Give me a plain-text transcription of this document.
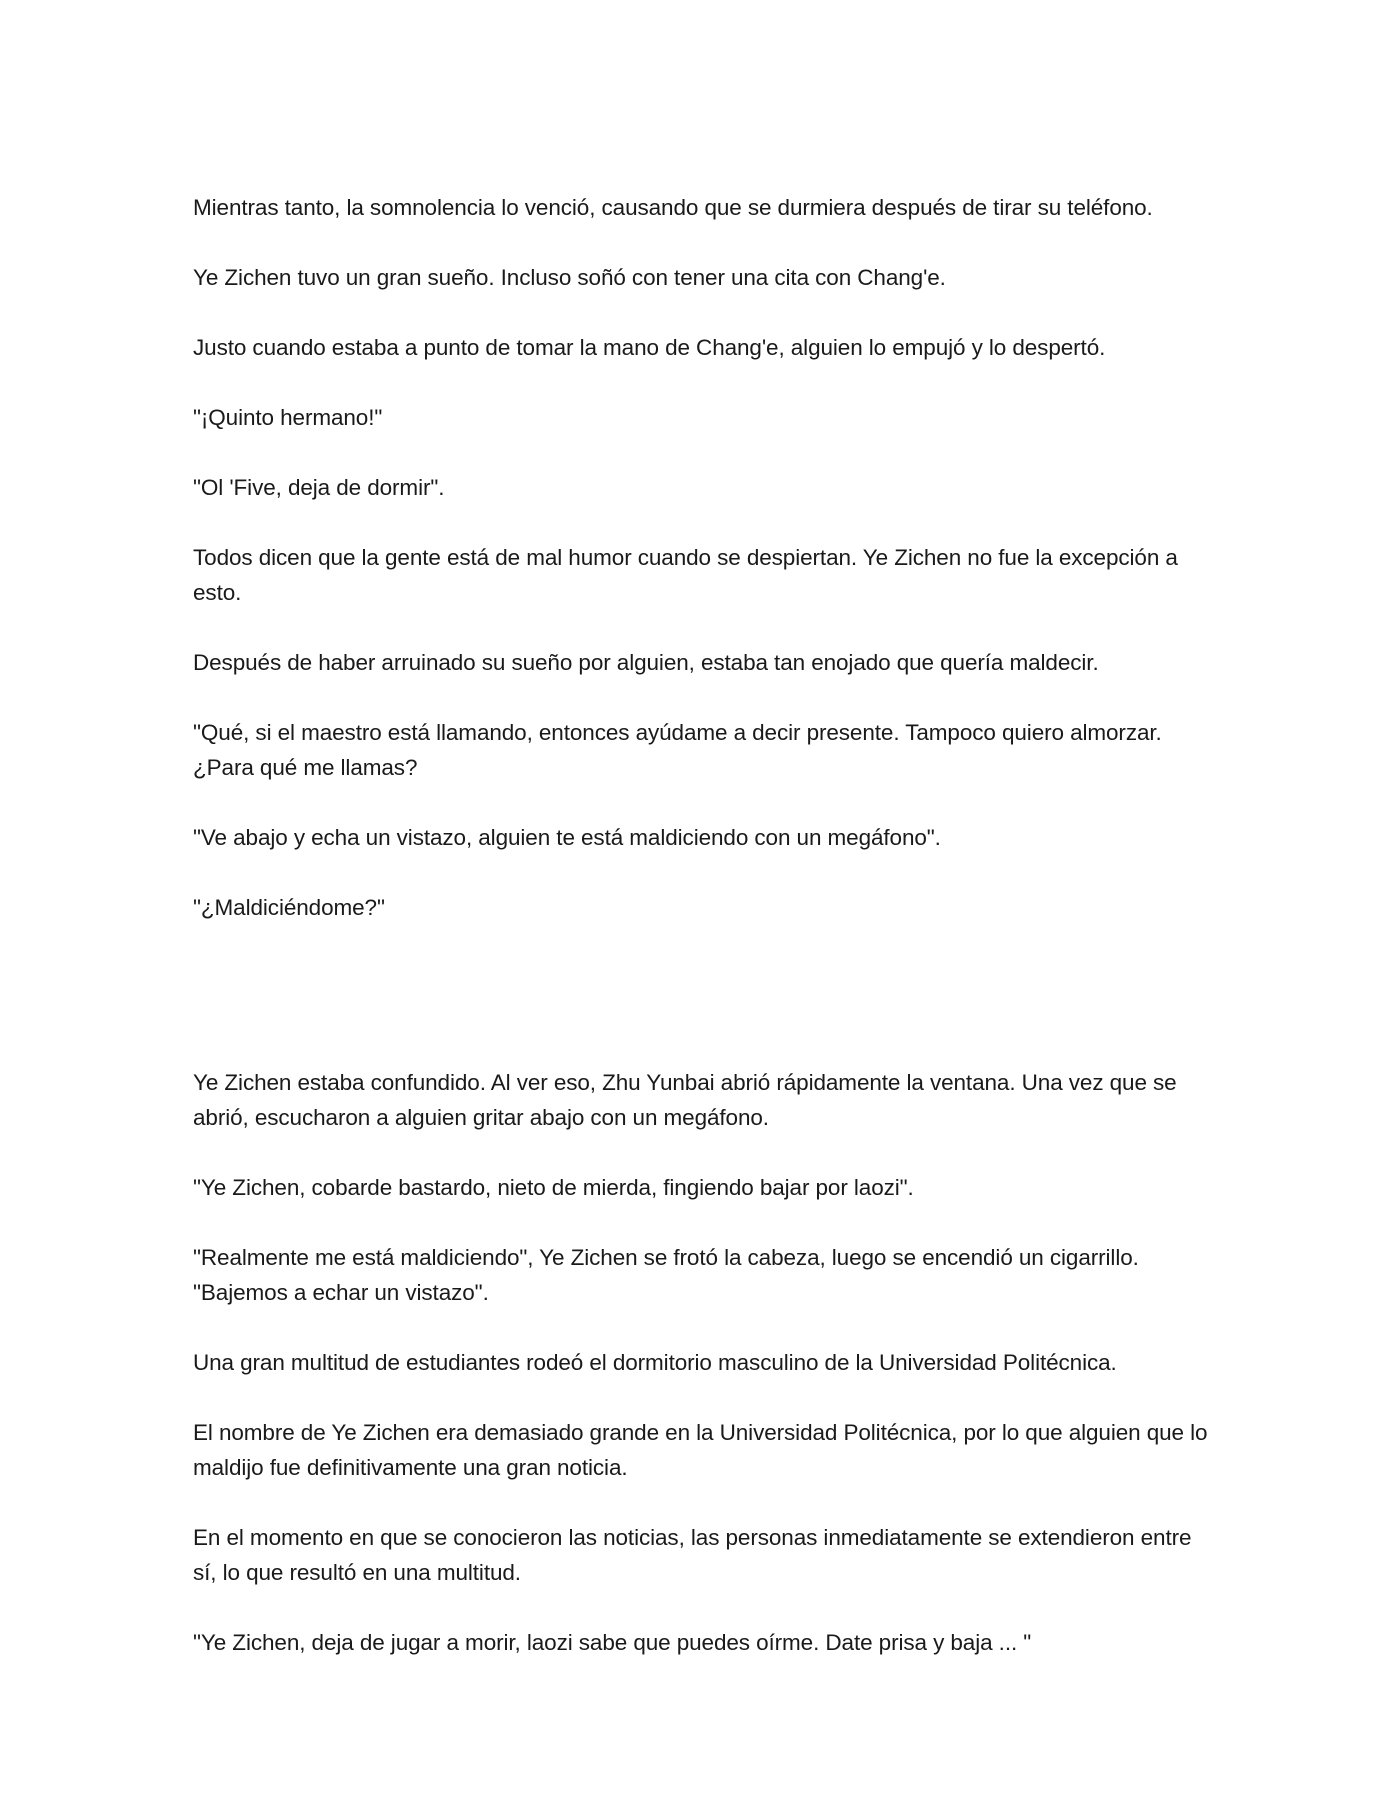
Mientras tanto, la somnolencia lo venció, causando que se durmiera después de tirar su teléfono.

Ye Zichen tuvo un gran sueño. Incluso soñó con tener una cita con Chang'e.

Justo cuando estaba a punto de tomar la mano de Chang'e, alguien lo empujó y lo despertó.

"¡Quinto hermano!"

"Ol 'Five, deja de dormir".

Todos dicen que la gente está de mal humor cuando se despiertan. Ye Zichen no fue la excepción a esto.

Después de haber arruinado su sueño por alguien, estaba tan enojado que quería maldecir.

"Qué, si el maestro está llamando, entonces ayúdame a decir presente. Tampoco quiero almorzar. ¿Para qué me llamas?

"Ve abajo y echa un vistazo, alguien te está maldiciendo con un megáfono".

"¿Maldiciéndome?"

Ye Zichen estaba confundido. Al ver eso, Zhu Yunbai abrió rápidamente la ventana. Una vez que se abrió, escucharon a alguien gritar abajo con un megáfono.

"Ye Zichen, cobarde bastardo, nieto de mierda, fingiendo bajar por laozi".

"Realmente me está maldiciendo", Ye Zichen se frotó la cabeza, luego se encendió un cigarrillo. "Bajemos a echar un vistazo".

Una gran multitud de estudiantes rodeó el dormitorio masculino de la Universidad Politécnica.

El nombre de Ye Zichen era demasiado grande en la Universidad Politécnica, por lo que alguien que lo maldijo fue definitivamente una gran noticia.

En el momento en que se conocieron las noticias, las personas inmediatamente se extendieron entre sí, lo que resultó en una multitud.

"Ye Zichen, deja de jugar a morir, laozi sabe que puedes oírme. Date prisa y baja ... "
